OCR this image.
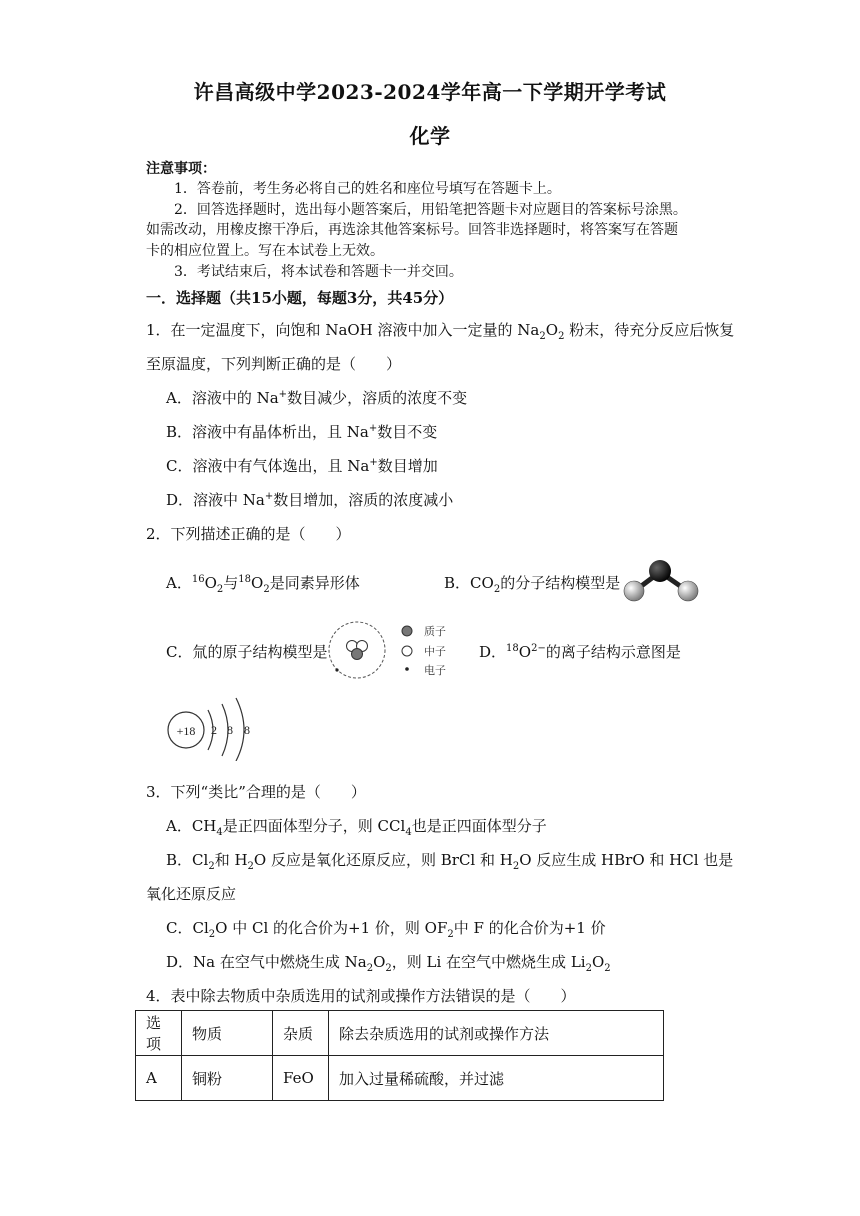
许昌高级中学2023-2024学年高一下学期开学考试
化学
注意事项：
1．答卷前，考生务必将自己的姓名和座位号填写在答题卡上。
2．回答选择题时，选出每小题答案后，用铅笔把答题卡对应题目的答案标号涂黑。
如需改动，用橡皮擦干净后，再选涂其他答案标号。回答非选择题时，将答案写在答题
卡的相应位置上。写在本试卷上无效。
3．考试结束后，将本试卷和答题卡一并交回。
一．选择题（共15小题，每题3分，共45分）
1．在一定温度下，向饱和 NaOH 溶液中加入一定量的 $Na_2O_2$ 粉末，待充分反应后恢复
至原温度，下列判断正确的是（　　）
A．溶液中的 Na+数目减少，溶质的浓度不变
B．溶液中有晶体析出，且 Na+数目不变
C．溶液中有气体逸出，且 Na+数目增加
D．溶液中 Na+数目增加，溶质的浓度减小
2．下列描述正确的是（　　）
A．$^{16}O_2$与$^{18}O_2$是同素异形体	B．$CO_2$的分子结构模型是
C．氚的原子结构模型是
质子
中子
电子
D．$^{18}O^{2-}$的离子结构示意图是
+18 2 8 8
3．下列“类比”合理的是（　　）
A．$CH_4$是正四面体型分子，则 CCl$_4$也是正四面体型分子
B．$Cl_2$和 $H_2O$ 反应是氧化还原反应，则 BrCl 和 $H_2O$ 反应生成 HBrO 和 HCl 也是
氧化还原反应
C．$Cl_2O$ 中 Cl 的化合价为+1 价，则 $OF_2$中 F 的化合价为+1 价
D．Na 在空气中燃烧生成 $Na_2O_2$，则 Li 在空气中燃烧生成 $Li_2O_2$
4．表中除去物质中杂质选用的试剂或操作方法错误的是（　　）
选项	物质	杂质	除去杂质选用的试剂或操作方法
A	铜粉	FeO	加入过量稀硫酸，并过滤
